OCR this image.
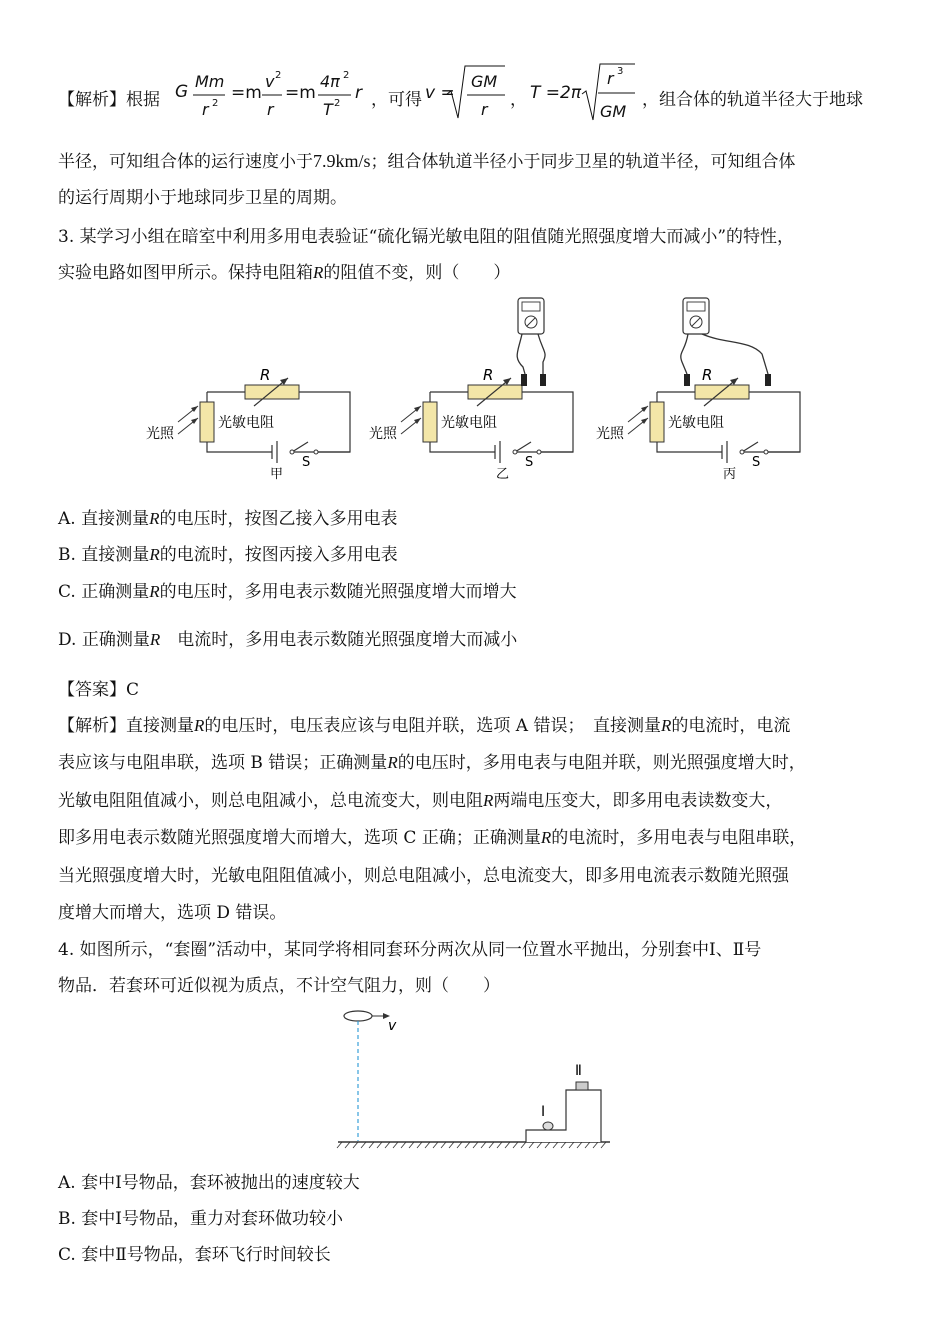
【解析】根据 G
Mm
r 2
=m
v 2
r
=m
4π 2
T 2
r	v =
GM
r
T =2π
r 3
GM
，可得	，	，组合体的轨道半径大于地球
半径，可知组合体的运行速度小于7.9km/s；组合体轨道半径小于同步卫星的轨道半径，可知组合体
的运行周期小于地球同步卫星的周期。
3. 某学习小组在暗室中利用多用电表验证“硫化镉光敏电阻的阻值随光照强度增大而减小”的特性，
实验电路如图甲所示。保持电阻箱R的阻值不变，则（　　）
R
光敏电阻
光照
S
甲
R
光敏电阻
光照
S
乙
R
光敏电阻
光照
S
丙
A. 直接测量R的电压时，按图乙接入多用电表
B. 直接测量R的电流时，按图丙接入多用电表
C. 正确测量R的电压时，多用电表示数随光照强度增大而增大
D. 正确测量R　电流时，多用电表示数随光照强度增大而减小
【答案】C
【解析】直接测量R的电压时，电压表应该与电阻并联，选项 A 错误；　直接测量R的电流时，电流
表应该与电阻串联，选项 B 错误；正确测量R的电压时，多用电表与电阻并联，则光照强度增大时，
光敏电阻阻值减小，则总电阻减小，总电流变大，则电阻R两端电压变大，即多用电表读数变大，
即多用电表示数随光照强度增大而增大，选项 C 正确；正确测量R的电流时，多用电表与电阻串联，
当光照强度增大时，光敏电阻阻值减小，则总电阻减小，总电流变大，即多用电流表示数随光照强
度增大而增大，选项 D 错误。
4. 如图所示，“套圈”活动中，某同学将相同套环分两次从同一位置水平抛出，分别套中Ⅰ、Ⅱ号
物品．若套环可近似视为质点，不计空气阻力，则（　　）
v
Ⅰ
Ⅱ
A. 套中Ⅰ号物品，套环被抛出的速度较大
B. 套中Ⅰ号物品，重力对套环做功较小
C. 套中Ⅱ号物品，套环飞行时间较长
